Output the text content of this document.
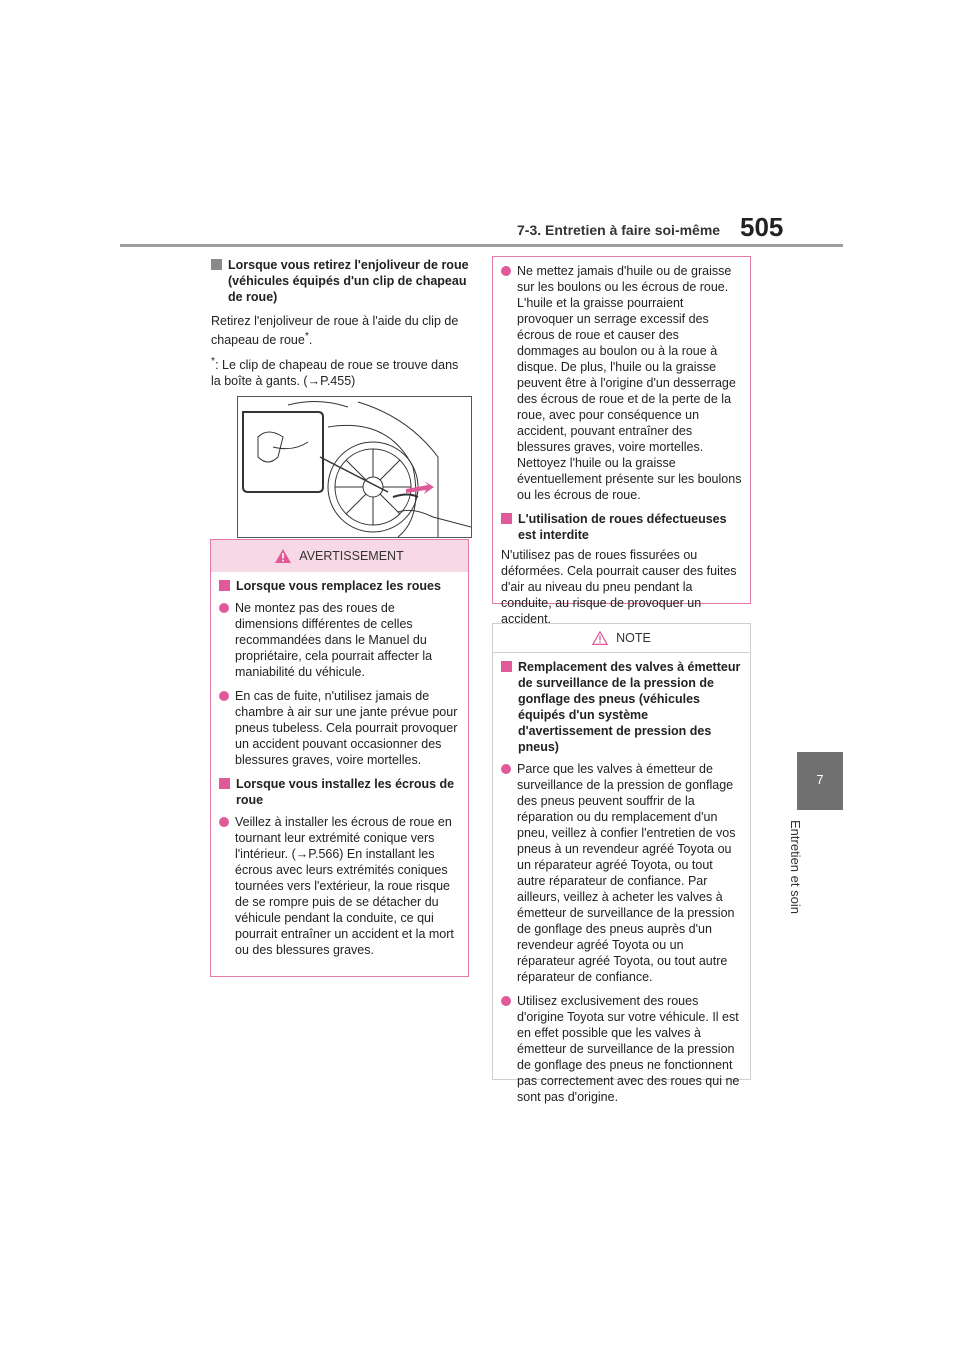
7-3. Entretien à faire soi-même 505
7
Entretien et soin
Lorsque vous retirez l'enjoliveur de roue (véhicules équipés d'un clip de chapeau de roue)
Retirez l'enjoliveur de roue à l'aide du clip de chapeau de roue*.
*: Le clip de chapeau de roue se trouve dans la boîte à gants. (→P.455)
AVERTISSEMENT
Lorsque vous remplacez les roues
Ne montez pas des roues de dimensions différentes de celles recommandées dans le Manuel du propriétaire, cela pourrait affecter la maniabilité du véhicule.
En cas de fuite, n'utilisez jamais de chambre à air sur une jante prévue pour pneus tubeless. Cela pourrait provoquer un accident pouvant occasionner des blessures graves, voire mortelles.
Lorsque vous installez les écrous de roue
Veillez à installer les écrous de roue en tournant leur extrémité conique vers l'intérieur. (→P.566) En installant les écrous avec leurs extrémités coniques tournées vers l'extérieur, la roue risque de se rompre puis de se détacher du véhicule pendant la conduite, ce qui pourrait entraîner un accident et la mort ou des blessures graves.
Ne mettez jamais d'huile ou de graisse sur les boulons ou les écrous de roue. L'huile et la graisse pourraient provoquer un serrage excessif des écrous de roue et causer des dommages au boulon ou à la roue à disque. De plus, l'huile ou la graisse peuvent être à l'origine d'un desserrage des écrous de roue et de la perte de la roue, avec pour conséquence un accident, pouvant entraîner des blessures graves, voire mortelles. Nettoyez l'huile ou la graisse éventuellement présente sur les boulons ou les écrous de roue.
L'utilisation de roues défectueuses est interdite
N'utilisez pas de roues fissurées ou déformées. Cela pourrait causer des fuites d'air au niveau du pneu pendant la conduite, au risque de provoquer un accident.
NOTE
Remplacement des valves à émetteur de surveillance de la pression de gonflage des pneus (véhicules équipés d'un système d'avertissement de pression des pneus)
Parce que les valves à émetteur de surveillance de la pression de gonflage des pneus peuvent souffrir de la réparation ou du remplacement d'un pneu, veillez à confier l'entretien de vos pneus à un revendeur agréé Toyota ou un réparateur agréé Toyota, ou tout autre réparateur de confiance. Par ailleurs, veillez à acheter les valves à émetteur de surveillance de la pression de gonflage des pneus auprès d'un revendeur agréé Toyota ou un réparateur agréé Toyota, ou tout autre réparateur de confiance.
Utilisez exclusivement des roues d'origine Toyota sur votre véhicule. Il est en effet possible que les valves à émetteur de surveillance de la pression de gonflage des pneus ne fonctionnent pas correctement avec des roues qui ne sont pas d'origine.
